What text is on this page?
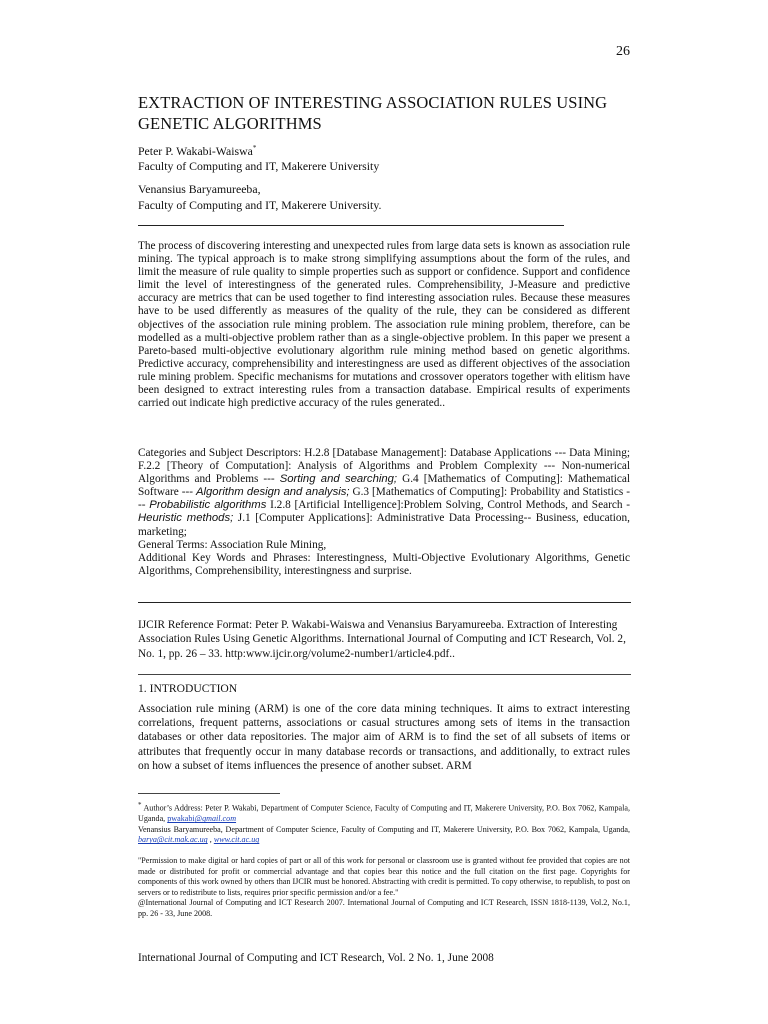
26
EXTRACTION OF INTERESTING ASSOCIATION RULES USING GENETIC ALGORITHMS
Peter P. Wakabi-Waiswa*
Faculty of Computing and IT, Makerere University
Venansius Baryamureeba,
Faculty of Computing and IT, Makerere University.
The process of discovering interesting and unexpected rules from large data sets is known as association rule mining. The typical approach is to make strong simplifying assumptions about the form of the rules, and limit the measure of rule quality to simple properties such as support or confidence. Support and confidence limit the level of interestingness of the generated rules. Comprehensibility, J-Measure and predictive accuracy are metrics that can be used together to find interesting association rules. Because these measures have to be used differently as measures of the quality of the rule, they can be considered as different objectives of the association rule mining problem. The association rule mining problem, therefore, can be modelled as a multi-objective problem rather than as a single-objective problem. In this paper we present a Pareto-based multi-objective evolutionary algorithm rule mining method based on genetic algorithms. Predictive accuracy, comprehensibility and interestingness are used as different objectives of the association rule mining problem. Specific mechanisms for mutations and crossover operators together with elitism have been designed to extract interesting rules from a transaction database. Empirical results of experiments carried out indicate high predictive accuracy of the rules generated..
Categories and Subject Descriptors: H.2.8 [Database Management]: Database Applications --- Data Mining; F.2.2 [Theory of Computation]: Analysis of Algorithms and Problem Complexity --- Non-numerical Algorithms and Problems --- Sorting and searching; G.4 [Mathematics of Computing]: Mathematical Software --- Algorithm design and analysis; G.3 [Mathematics of Computing]: Probability and Statistics --- Probabilistic algorithms I.2.8 [Artificial Intelligence]:Problem Solving, Control Methods, and Search - Heuristic methods; J.1 [Computer Applications]: Administrative Data Processing-- Business, education, marketing;
General Terms: Association Rule Mining,
Additional Key Words and Phrases: Interestingness, Multi-Objective Evolutionary Algorithms, Genetic Algorithms, Comprehensibility, interestingness and surprise.
IJCIR Reference Format: Peter P. Wakabi-Waiswa and Venansius Baryamureeba. Extraction of Interesting Association Rules Using Genetic Algorithms. International Journal of Computing and ICT Research, Vol. 2, No. 1, pp. 26 – 33. http:www.ijcir.org/volume2-number1/article4.pdf..
1. INTRODUCTION
Association rule mining (ARM) is one of the core data mining techniques. It aims to extract interesting correlations, frequent patterns, associations or casual structures among sets of items in the transaction databases or other data repositories. The major aim of ARM is to find the set of all subsets of items or attributes that frequently occur in many database records or transactions, and additionally, to extract rules on how a subset of items influences the presence of another subset. ARM
* Author’s Address: Peter P. Wakabi, Department of Computer Science, Faculty of Computing and IT, Makerere University, P.O. Box 7062, Kampala, Uganda, pwakabi@gmail.com
Venansius Baryamureeba, Department of Computer Science, Faculty of Computing and IT, Makerere University, P.O. Box 7062, Kampala, Uganda, barya@cit.mak.ac.ug , www.cit.ac.ug
"Permission to make digital or hard copies of part or all of this work for personal or classroom use is granted without fee provided that copies are not made or distributed for profit or commercial advantage and that copies bear this notice and the full citation on the first page. Copyrights for components of this work owned by others than IJCIR must be honored. Abstracting with credit is permitted. To copy otherwise, to republish, to post on servers or to redistribute to lists, requires prior specific permission and/or a fee."
@International Journal of Computing and ICT Research 2007. International Journal of Computing and ICT Research, ISSN 1818-1139, Vol.2, No.1, pp. 26 - 33, June 2008.
International Journal of Computing and ICT Research, Vol. 2 No. 1, June 2008
